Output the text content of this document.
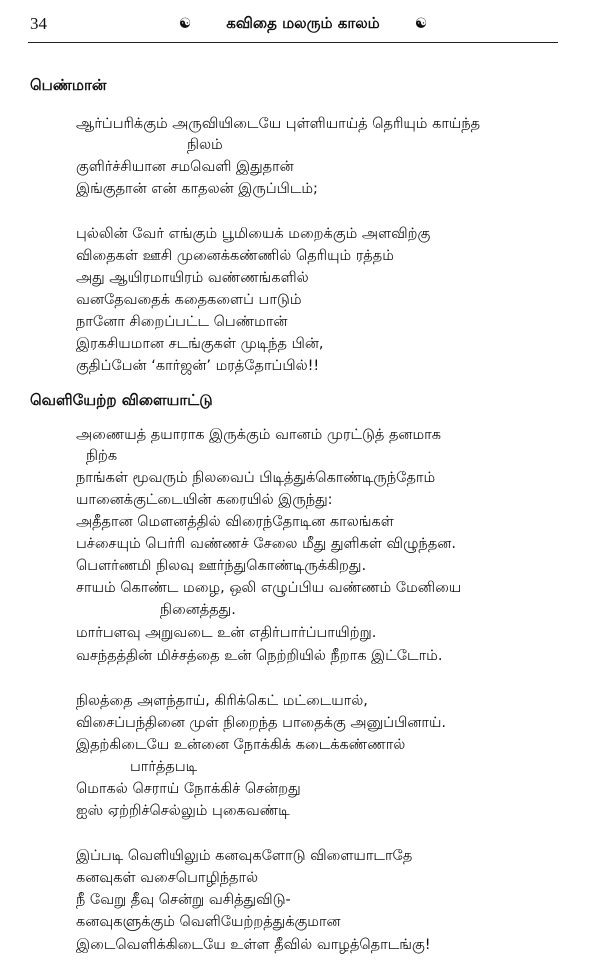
34	☯ கவிதை மலரும் காலம் ☯
பெண்மான்
ஆர்ப்பரிக்கும் அருவியிடையே புள்ளியாய்த் தெரியும் காய்ந்த
நிலம்
குளிர்ச்சியான சமவெளி இதுதான்
இங்குதான் என் காதலன் இருப்பிடம்;
புல்லின் வேர் எங்கும் பூமியைக் மறைக்கும் அளவிற்கு
விதைகள் ஊசி முனைக்கண்ணில் தெரியும் ரத்தம்
அது ஆயிரமாயிரம் வண்ணங்களில்
வனதேவதைக் கதைகளைப் பாடும்
நானோ சிறைப்பட்ட பெண்மான்
இரகசியமான சடங்குகள் முடிந்த பின்,
குதிப்பேன் ‘கார்ஜன்’ மரத்தோப்பில்!!
வெளியேற்ற விளையாட்டு
அணையத் தயாராக இருக்கும் வானம் முரட்டுத் தனமாக
நிற்க
நாங்கள் மூவரும் நிலவைப் பிடித்துக்கொண்டிருந்தோம்
யானைக்குட்டையின் கரையில் இருந்து:
அதீதான மௌனத்தில் விரைந்தோடின காலங்கள்
பச்சையும் பெர்ரி வண்ணச் சேலை மீது துளிகள் விழுந்தன.
பௌர்ணமி நிலவு ஊர்ந்துகொண்டிருக்கிறது.
சாயம் கொண்ட மழை, ஒலி எழுப்பிய வண்ணம் மேனியை
நினைத்தது.
மார்பளவு அறுவடை உன் எதிர்பார்ப்பாயிற்று.
வசந்தத்தின் மிச்சத்தை உன் நெற்றியில் நீறாக இட்டோம்.
நிலத்தை அளந்தாய், கிரிக்கெட் மட்டையால்,
விசைப்பந்தினை முள் நிறைந்த பாதைக்கு அனுப்பினாய்.
இதற்கிடையே உன்னை நோக்கிக் கடைக்கண்ணால்
பார்த்தபடி
மொகல் செராய் நோக்கிச் சென்றது
ஐஸ் ஏற்றிச்செல்லும் புகைவண்டி
இப்படி வெளியிலும் கனவுகளோடு விளையாடாதே
கனவுகள் வசைபொழிந்தால்
நீ வேறு தீவு சென்று வசித்துவிடு-
கனவுகளுக்கும் வெளியேற்றத்துக்குமான
இடைவெளிக்கிடையே உள்ள தீவில் வாழத்தொடங்கு!
